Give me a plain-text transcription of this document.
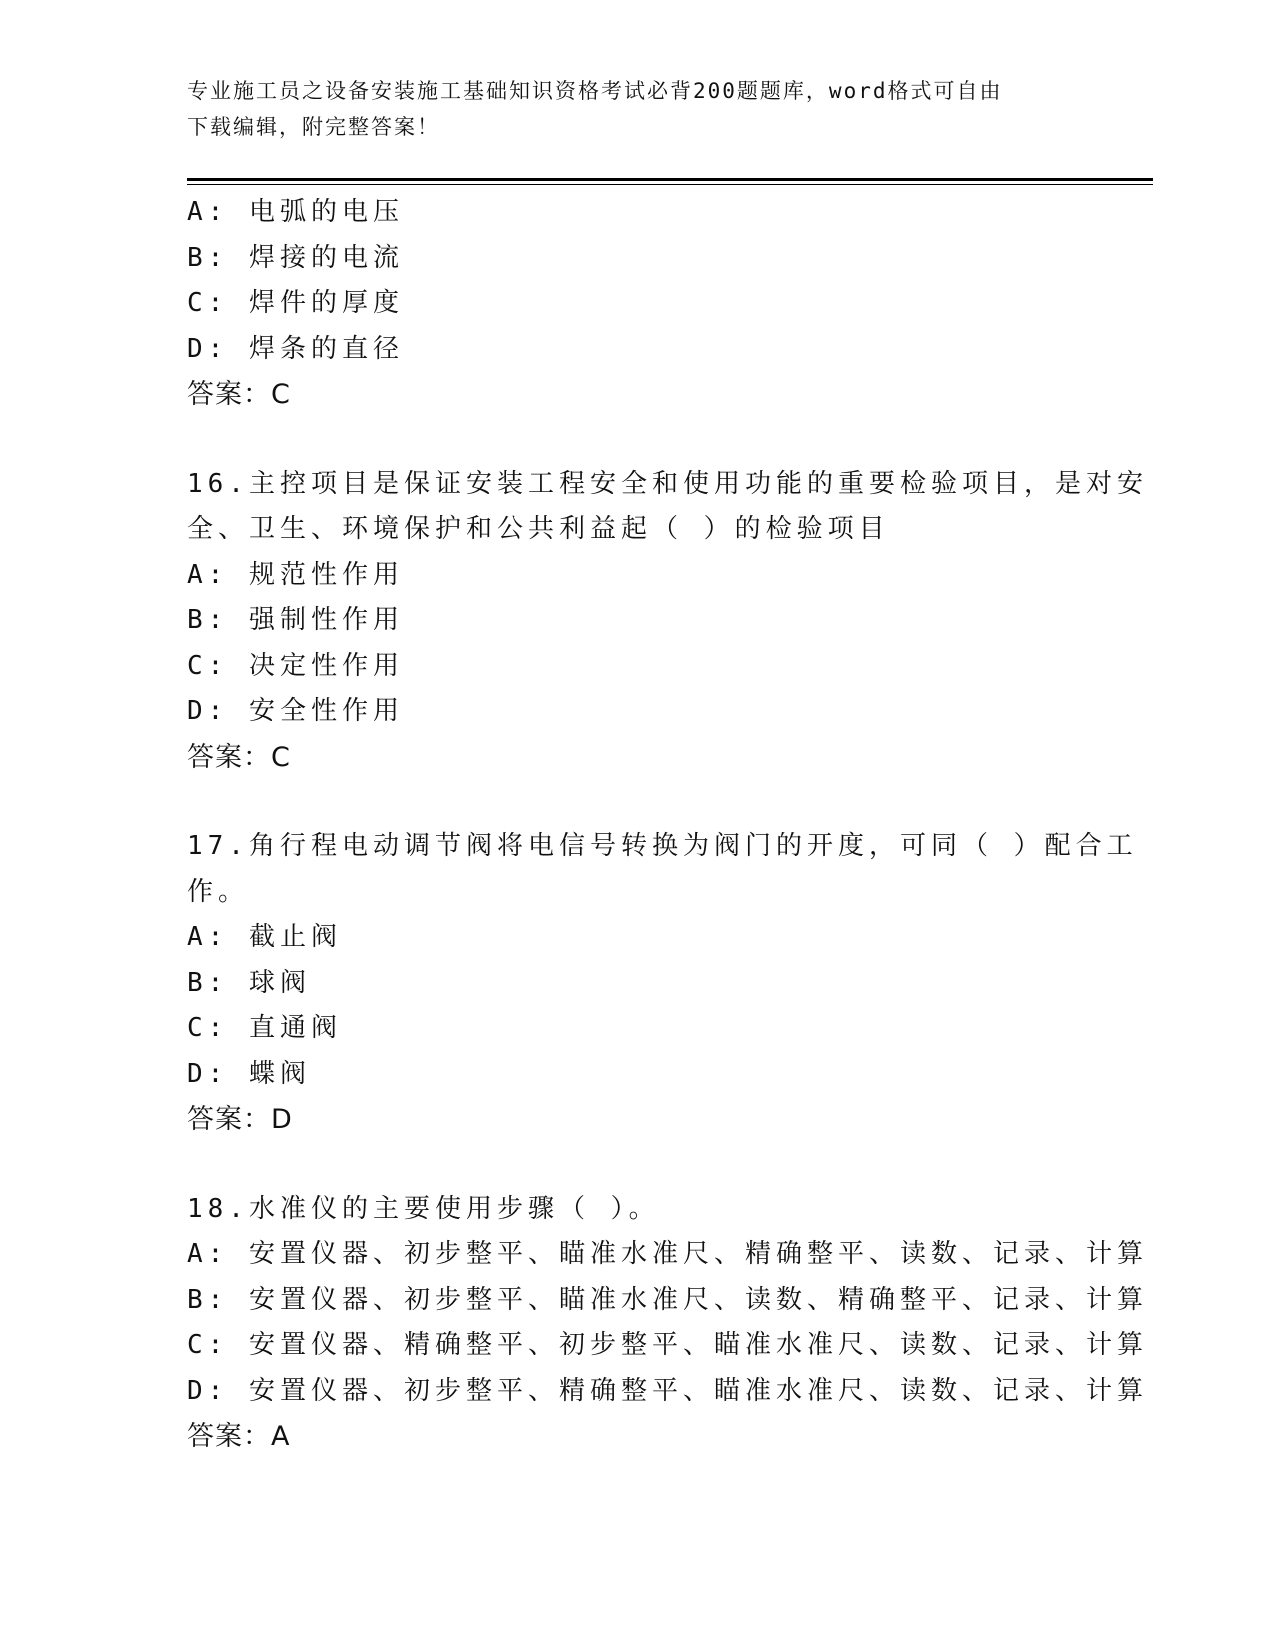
专业施工员之设备安装施工基础知识资格考试必背200题题库，word格式可自由
下载编辑，附完整答案！
A: 电弧的电压
B: 焊接的电流
C: 焊件的厚度
D: 焊条的直径
答案：C
16.主控项目是保证安装工程安全和使用功能的重要检验项目，是对安
全、卫生、环境保护和公共利益起（ ）的检验项目
A: 规范性作用
B: 强制性作用
C: 决定性作用
D: 安全性作用
答案：C
17.角行程电动调节阀将电信号转换为阀门的开度，可同（ ）配合工
作。
A: 截止阀
B: 球阀
C: 直通阀
D: 蝶阀
答案：D
18.水准仪的主要使用步骤（ ）。
A: 安置仪器、初步整平、瞄准水准尺、精确整平、读数、记录、计算
B: 安置仪器、初步整平、瞄准水准尺、读数、精确整平、记录、计算
C: 安置仪器、精确整平、初步整平、瞄准水准尺、读数、记录、计算
D: 安置仪器、初步整平、精确整平、瞄准水准尺、读数、记录、计算
答案：A
